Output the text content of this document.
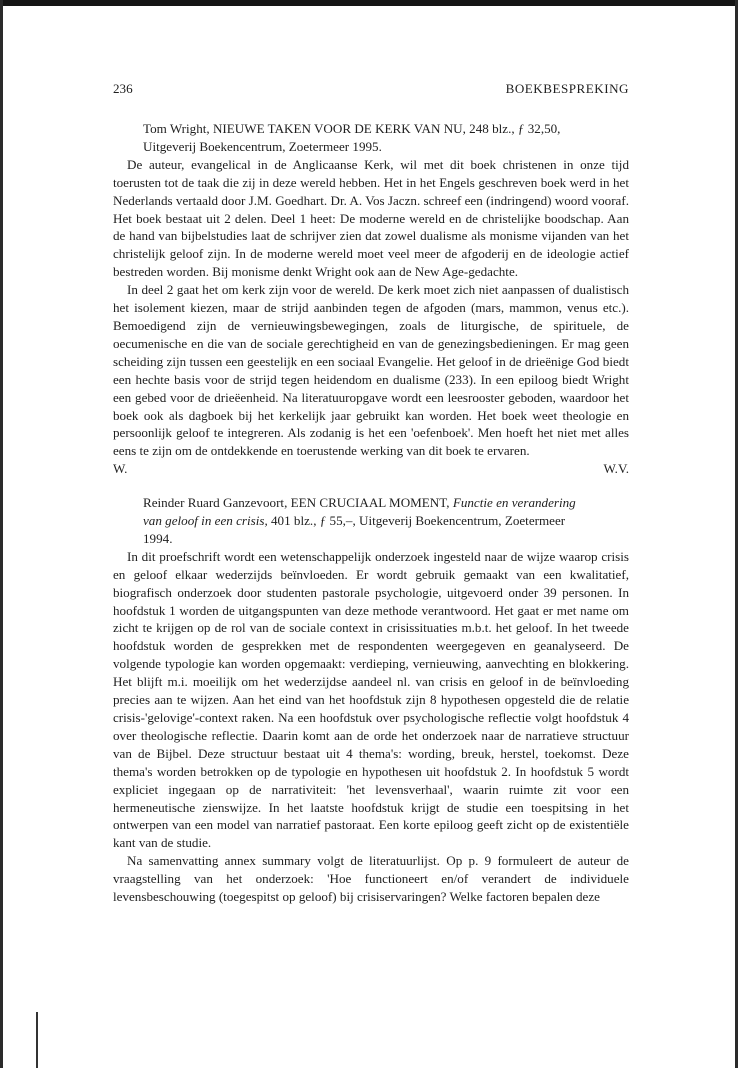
236	BOEKBESPREKING
Tom Wright, NIEUWE TAKEN VOOR DE KERK VAN NU, 248 blz., ƒ 32,50,
Uitgeverij Boekencentrum, Zoetermeer 1995.

De auteur, evangelical in de Anglicaanse Kerk, wil met dit boek christenen in onze tijd toerusten tot de taak die zij in deze wereld hebben. Het in het Engels geschreven boek werd in het Nederlands vertaald door J.M. Goedhart. Dr. A. Vos Jaczn. schreef een (indringend) woord vooraf. Het boek bestaat uit 2 delen. Deel 1 heet: De moderne wereld en de christelijke boodschap. Aan de hand van bijbelstudies laat de schrijver zien dat zowel dualisme als monisme vijanden van het christelijk geloof zijn. In de moderne wereld moet veel meer de afgoderij en de ideologie actief bestreden worden. Bij monisme denkt Wright ook aan de New Age-gedachte.

In deel 2 gaat het om kerk zijn voor de wereld. De kerk moet zich niet aanpassen of dualistisch het isolement kiezen, maar de strijd aanbinden tegen de afgoden (mars, mammon, venus etc.). Bemoedigend zijn de vernieuwingsbewegingen, zoals de liturgische, de spirituele, de oecumenische en die van de sociale gerechtigheid en van de genezingsbedieningen. Er mag geen scheiding zijn tussen een geestelijk en een sociaal Evangelie. Het geloof in de drieënige God biedt een hechte basis voor de strijd tegen heidendom en dualisme (233). In een epiloog biedt Wright een gebed voor de drieëenheid. Na literatuuropgave wordt een leesrooster geboden, waardoor het boek ook als dagboek bij het kerkelijk jaar gebruikt kan worden. Het boek weet theologie en persoonlijk geloof te integreren. Als zodanig is het een 'oefenboek'. Men hoeft het niet met alles eens te zijn om de ontdekkende en toerustende werking van dit boek te ervaren.

W.	W.V.
Reinder Ruard Ganzevoort, EEN CRUCIAAL MOMENT, Functie en verandering
van geloof in een crisis, 401 blz., ƒ 55,–, Uitgeverij Boekencentrum, Zoetermeer
1994.

In dit proefschrift wordt een wetenschappelijk onderzoek ingesteld naar de wijze waarop crisis en geloof elkaar wederzijds beïnvloeden. Er wordt gebruik gemaakt van een kwalitatief, biografisch onderzoek door studenten pastorale psychologie, uitgevoerd onder 39 personen. In hoofdstuk 1 worden de uitgangspunten van deze methode verantwoord. Het gaat er met name om zicht te krijgen op de rol van de sociale context in crisissituaties m.b.t. het geloof. In het tweede hoofdstuk worden de gesprekken met de respondenten weergegeven en geanalyseerd. De volgende typologie kan worden opgemaakt: verdieping, vernieuwing, aanvechting en blokkering. Het blijft m.i. moeilijk om het wederzijdse aandeel nl. van crisis en geloof in de beïnvloeding precies aan te wijzen. Aan het eind van het hoofdstuk zijn 8 hypothesen opgesteld die de relatie crisis-'gelovige'-context raken. Na een hoofdstuk over psychologische reflectie volgt hoofdstuk 4 over theologische reflectie. Daarin komt aan de orde het onderzoek naar de narratieve structuur van de Bijbel. Deze structuur bestaat uit 4 thema's: wording, breuk, herstel, toekomst. Deze thema's worden betrokken op de typologie en hypothesen uit hoofdstuk 2. In hoofdstuk 5 wordt expliciet ingegaan op de narrativiteit: 'het levensverhaal', waarin ruimte zit voor een hermeneutische zienswijze. In het laatste hoofdstuk krijgt de studie een toespitsing in het ontwerpen van een model van narratief pastoraat. Een korte epiloog geeft zicht op de existentiële kant van de studie.

Na samenvatting annex summary volgt de literatuurlijst. Op p. 9 formuleert de auteur de vraagstelling van het onderzoek: 'Hoe functioneert en/of verandert de individuele levensbeschouwing (toegespitst op geloof) bij crisiservaringen? Welke factoren bepalen deze
